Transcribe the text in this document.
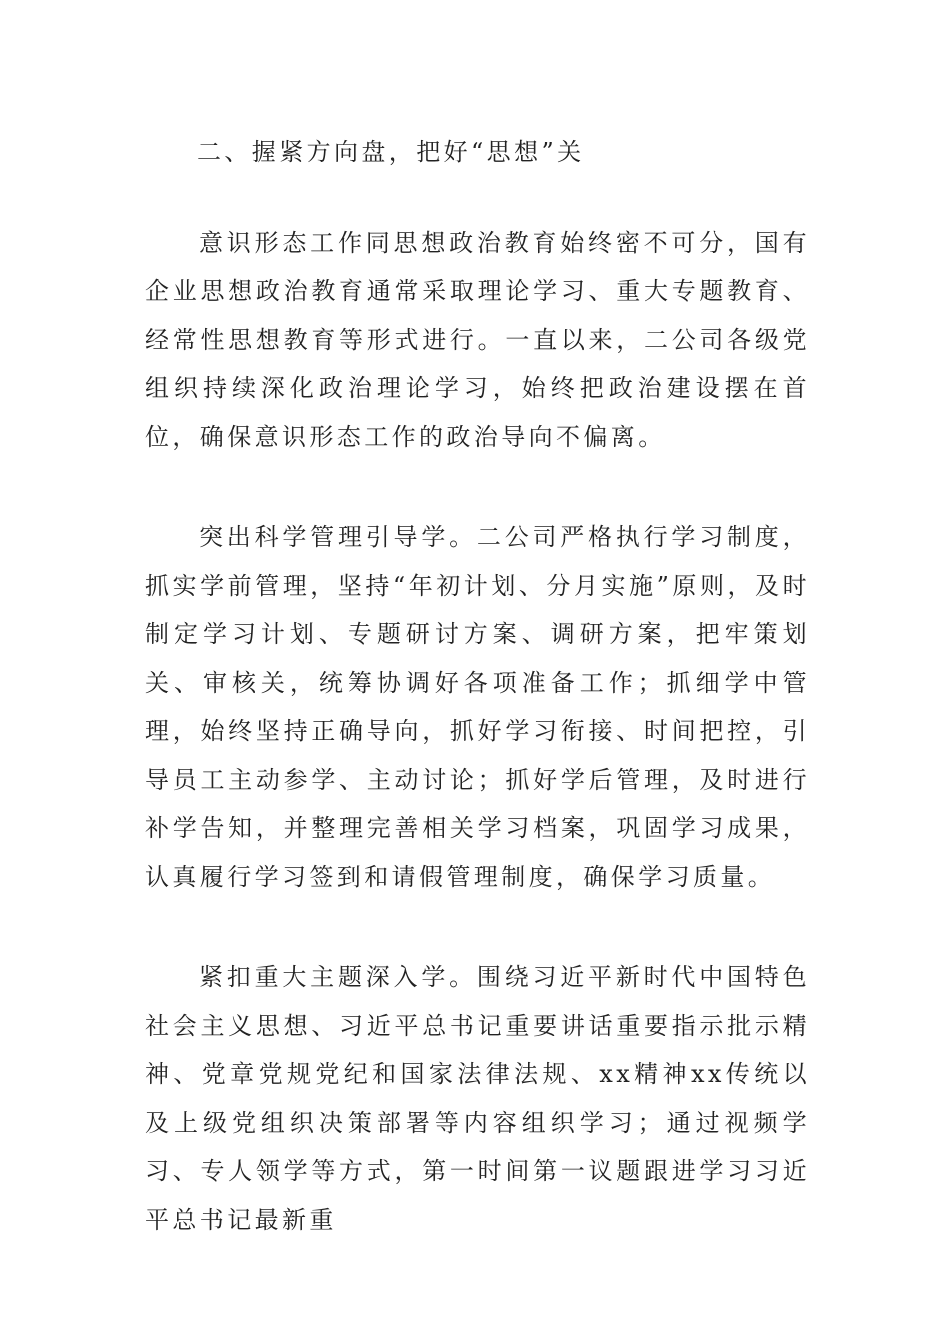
二、握紧方向盘，把好“思想”关

意识形态工作同思想政治教育始终密不可分，国有企业思想政治教育通常采取理论学习、重大专题教育、经常性思想教育等形式进行。一直以来，二公司各级党组织持续深化政治理论学习，始终把政治建设摆在首位，确保意识形态工作的政治导向不偏离。

突出科学管理引导学。二公司严格执行学习制度，抓实学前管理，坚持“年初计划、分月实施”原则，及时制定学习计划、专题研讨方案、调研方案，把牢策划关、审核关，统筹协调好各项准备工作；抓细学中管理，始终坚持正确导向，抓好学习衔接、时间把控，引导员工主动参学、主动讨论；抓好学后管理，及时进行补学告知，并整理完善相关学习档案，巩固学习成果，认真履行学习签到和请假管理制度，确保学习质量。

紧扣重大主题深入学。围绕习近平新时代中国特色社会主义思想、习近平总书记重要讲话重要指示批示精神、党章党规党纪和国家法律法规、xx精神xx传统以及上级党组织决策部署等内容组织学习；通过视频学习、专人领学等方式，第一时间第一议题跟进学习习近平总书记最新重
